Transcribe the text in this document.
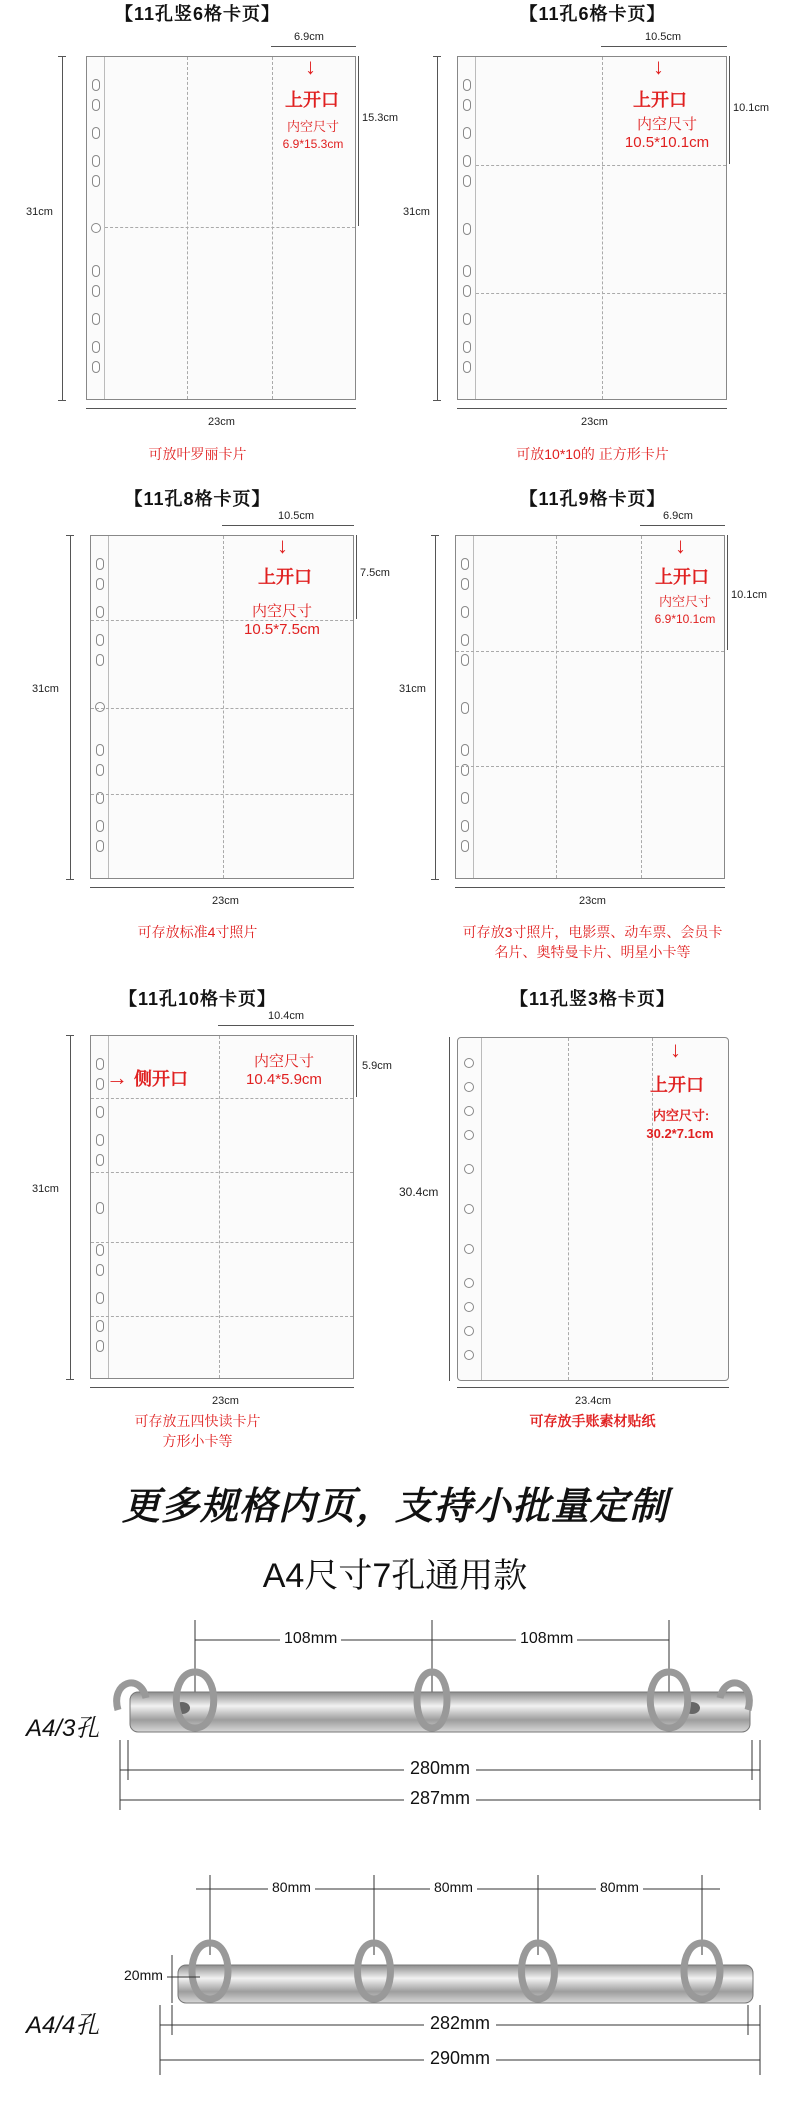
【11孔竖6格卡页】
31cm
23cm
6.9cm
15.3cm
↓
上开口
内空尺寸
6.9*15.3cm
可放叶罗丽卡片
【11孔6格卡页】
31cm
23cm
10.5cm
10.1cm
↓
上开口
内空尺寸
10.5*10.1cm
可放10*10的 正方形卡片
【11孔8格卡页】
31cm
23cm
10.5cm
7.5cm
↓
上开口
内空尺寸
10.5*7.5cm
可存放标准4寸照片
【11孔9格卡页】
31cm
23cm
6.9cm
10.1cm
↓
上开口
内空尺寸
6.9*10.1cm
可存放3寸照片，电影票、动车票、会员卡
名片、奥特曼卡片、明星小卡等
【11孔10格卡页】
31cm
23cm
10.4cm
5.9cm
→ 侧开口
内空尺寸
10.4*5.9cm
可存放五四快读卡片
方形小卡等
【11孔竖3格卡页】
30.4cm
23.4cm
↓
上开口
内空尺寸:
30.2*7.1cm
可存放手账素材贴纸
更多规格内页，支持小批量定制
A4尺寸7孔通用款
A4/3孔
108mm	108mm
280mm
287mm
A4/4孔
80mm	80mm	80mm
20mm
282mm
290mm
